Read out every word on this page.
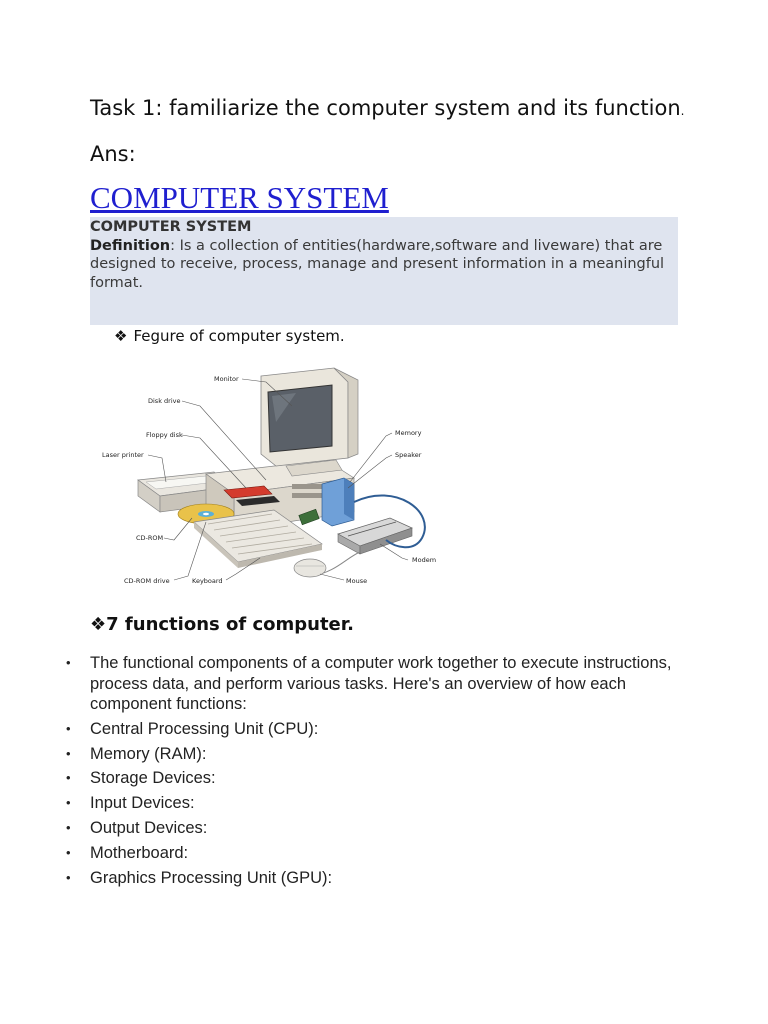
Task 1: familiarize the computer system and its function.
Ans:
COMPUTER SYSTEM
COMPUTER SYSTEM
Definition: Is a collection of entities(hardware,software and liveware) that are designed to receive, process, manage and present information in a meaningful format.
❖ Fegure of computer system.
Monitor
Disk drive
Floppy disk
Laser printer
Memory
Speaker
CD-ROM
Modem
CD-ROM drive	Keyboard	Mouse
❖7 functions of computer.
• The functional components of a computer work together to execute instructions, process data, and perform various tasks. Here's an overview of how each component functions:
• Central Processing Unit (CPU):
• Memory (RAM):
• Storage Devices:
• Input Devices:
• Output Devices:
• Motherboard:
• Graphics Processing Unit (GPU):
